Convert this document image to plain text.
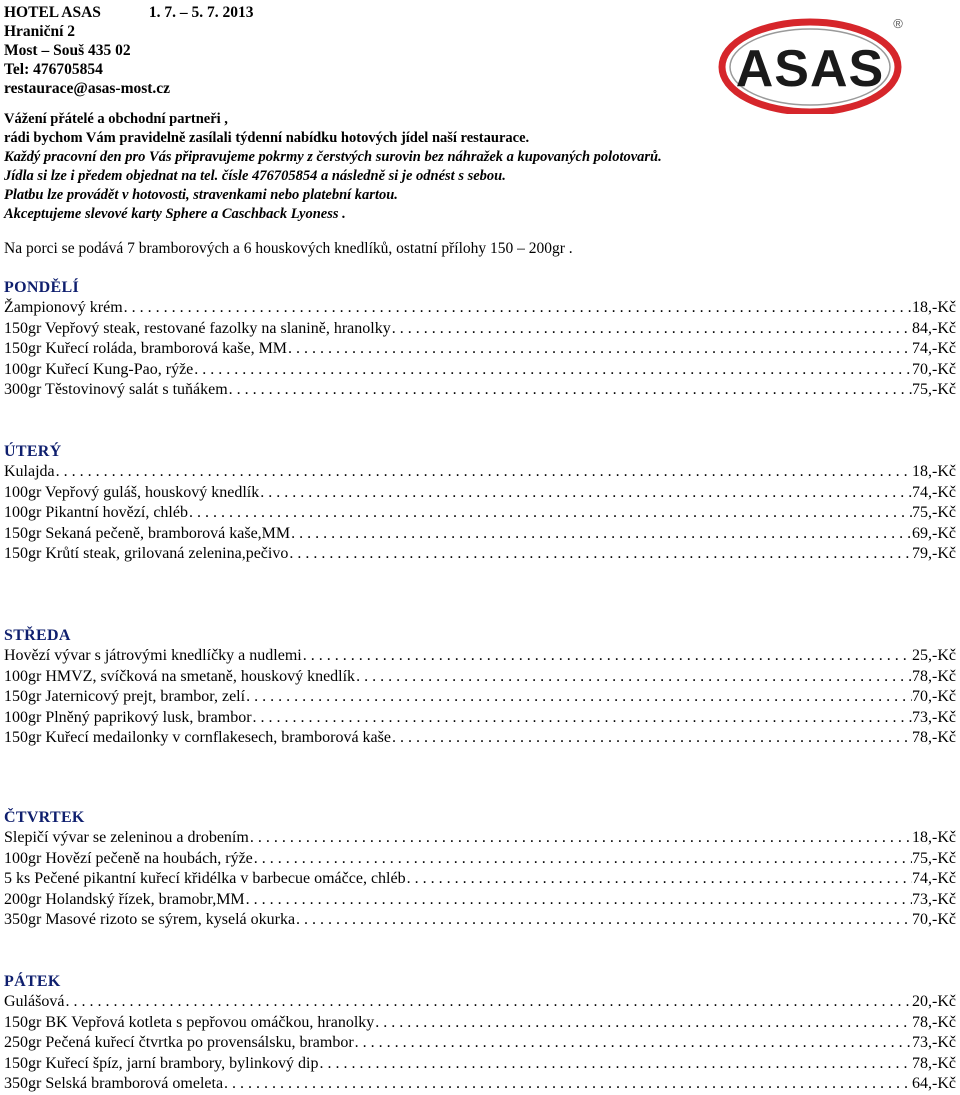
HOTEL ASAS	1. 7. – 5. 7. 2013
Hraniční 2
Most – Souš 435 02
Tel: 476705854
restaurace@asas-most.cz	ASAS
®
Vážení přátelé a obchodní partneři ,
rádi bychom Vám pravidelně zasílali týdenní nabídku hotových jídel naší restaurace.
Každý pracovní den pro Vás připravujeme pokrmy z čerstvých surovin bez náhražek a kupovaných polotovarů.
Jídla si lze i předem objednat na tel. čísle 476705854 a následně si je odnést s sebou.
Platbu lze provádět v hotovosti, stravenkami nebo platební kartou.
Akceptujeme slevové karty Sphere a Caschback Lyoness .
Na porci se podává 7 bramborových a 6 houskových knedlíků, ostatní přílohy 150 – 200gr .
PONDĚLÍ
Žampionový krém .....	18,-Kč
150gr Vepřový steak, restované fazolky na slanině, hranolky .....	84,-Kč
150gr Kuřecí roláda, bramborová kaše, MM .....	74,-Kč
100gr Kuřecí Kung-Pao, rýže .....	70,-Kč
300gr Těstovinový salát s tuňákem .....	75,-Kč
ÚTERÝ
Kulajda .....	18,-Kč
100gr Vepřový guláš, houskový knedlík .....	74,-Kč
100gr Pikantní hovězí, chléb .....	75,-Kč
150gr Sekaná pečeně, bramborová kaše,MM .....	69,-Kč
150gr Krůtí steak, grilovaná zelenina,pečivo .....	79,-Kč
STŘEDA
Hovězí vývar s játrovými knedlíčky a nudlemi .....	25,-Kč
100gr HMVZ, svíčková na smetaně, houskový knedlík .....	78,-Kč
150gr Jaternicový prejt, brambor, zelí .....	70,-Kč
100gr Plněný paprikový lusk, brambor .....	73,-Kč
150gr Kuřecí medailonky v cornflakesech, bramborová kaše .....	78,-Kč
ČTVRTEK
Slepičí vývar se zeleninou a drobením .....	18,-Kč
100gr Hovězí pečeně na houbách, rýže .....	75,-Kč
5 ks Pečené pikantní kuřecí křidélka v barbecue omáčce, chléb .....	74,-Kč
200gr Holandský řízek, bramobr,MM .....	73,-Kč
350gr Masové rizoto se sýrem, kyselá okurka .....	70,-Kč
PÁTEK
Gulášová .....	20,-Kč
150gr BK Vepřová kotleta s pepřovou omáčkou, hranolky .....	78,-Kč
250gr Pečená kuřecí čtvrtka po provensálsku, brambor .....	73,-Kč
150gr Kuřecí špíz, jarní brambory, bylinkový dip .....	78,-Kč
350gr Selská bramborová omeleta .....	64,-Kč
